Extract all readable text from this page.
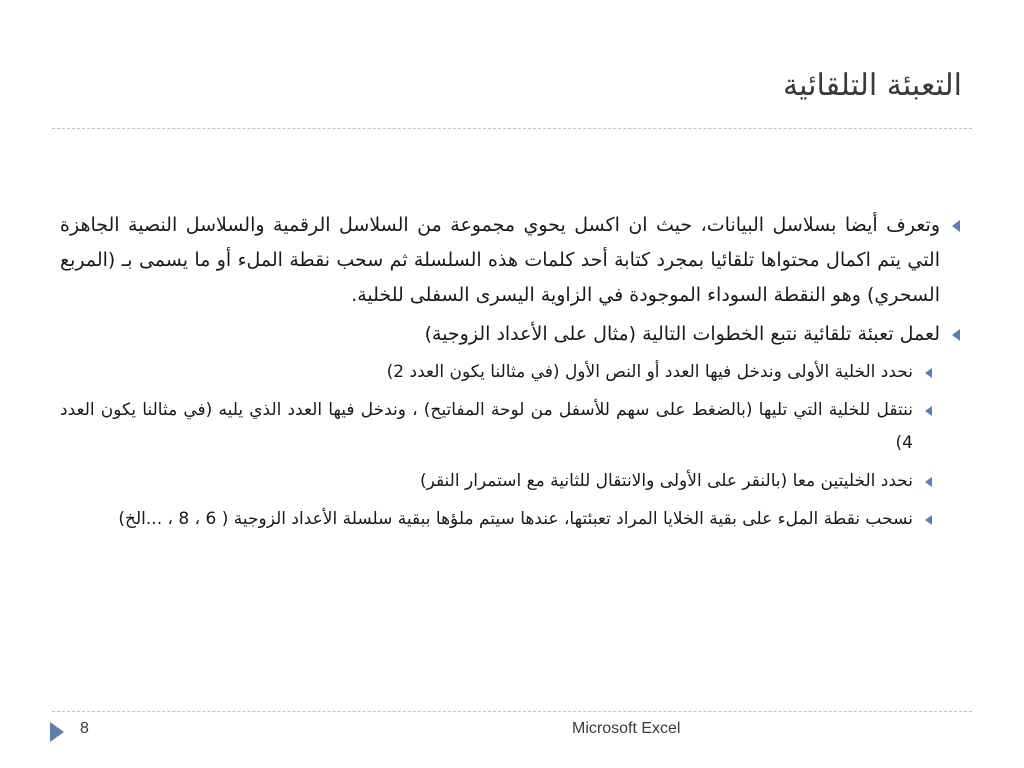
التعبئة التلقائية
وتعرف أيضا بسلاسل البيانات، حيث ان اكسل يحوي مجموعة من السلاسل الرقمية والسلاسل النصية الجاهزة التي يتم اكمال محتواها تلقائيا بمجرد كتابة أحد كلمات هذه السلسلة ثم سحب نقطة الملء أو ما يسمى بـ (المربع السحري) وهو النقطة السوداء الموجودة في الزاوية اليسرى السفلى للخلية.
لعمل تعبئة تلقائية نتبع الخطوات التالية (مثال على الأعداد الزوجية)
نحدد الخلية الأولى وندخل فيها العدد أو النص الأول (في مثالنا يكون العدد 2)
ننتقل للخلية التي تليها (بالضغط على سهم للأسفل من لوحة المفاتيح) ، وندخل فيها العدد الذي يليه (في مثالنا يكون العدد 4)
نحدد الخليتين معا (بالنقر على الأولى والانتقال للثانية مع استمرار النقر)
نسحب نقطة الملء على بقية الخلايا المراد تعبئتها، عندها سيتم ملؤها ببقية سلسلة الأعداد الزوجية ( 6 ، 8 ، ...الخ)
8	Microsoft Excel
